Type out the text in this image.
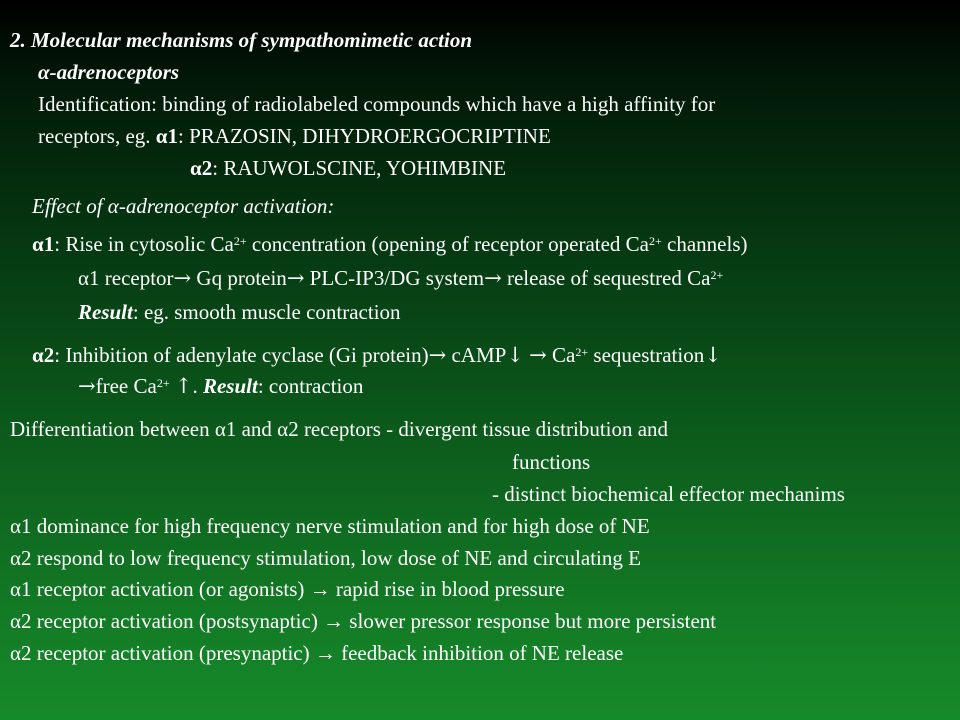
2. Molecular mechanisms of sympathomimetic action
α-adrenoceptors
Identification: binding of radiolabeled compounds which have a high affinity for
receptors, eg. α1: PRAZOSIN, DIHYDROERGOCRIPTINE
α2: RAUWOLSCINE, YOHIMBINE
Effect of α-adrenoceptor activation:
α1: Rise in cytosolic $Ca^{2+}$ concentration (opening of receptor operated $Ca^{2+}$ channels)
α1 receptor→ Gq protein→ PLC-IP3/DG system→ release of sequestred $Ca^{2+}$
Result: eg. smooth muscle contraction
α2: Inhibition of adenylate cyclase (Gi protein)→ cAMP↓ → $Ca^{2+}$ sequestration↓
→free $Ca^{2+}$ ↑. Result: contraction
Differentiation between α1 and α2 receptors - divergent tissue distribution and
functions
- distinct biochemical effector mechanims
α1 dominance for high frequency nerve stimulation and for high dose of NE
α2 respond to low frequency stimulation, low dose of NE and circulating E
α1 receptor activation (or agonists) → rapid rise in blood pressure
α2 receptor activation (postsynaptic) → slower pressor response but more persistent
α2 receptor activation (presynaptic) → feedback inhibition of NE release
